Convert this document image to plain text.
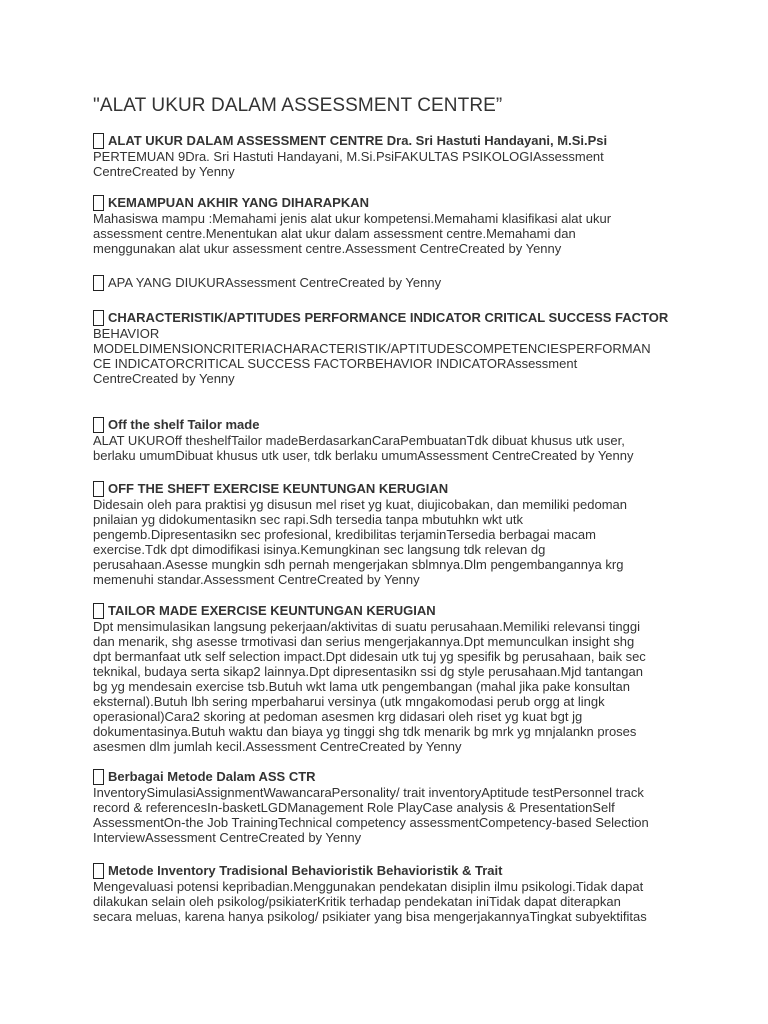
"ALAT UKUR DALAM ASSESSMENT CENTRE”
ALAT UKUR DALAM ASSESSMENT CENTRE Dra. Sri Hastuti Handayani, M.Si.Psi
PERTEMUAN 9Dra. Sri Hastuti Handayani, M.Si.PsiFAKULTAS PSIKOLOGIAssessment
CentreCreated by Yenny
KEMAMPUAN AKHIR YANG DIHARAPKAN
Mahasiswa mampu :Memahami jenis alat ukur kompetensi.Memahami klasifikasi alat ukur
assessment centre.Menentukan alat ukur dalam assessment centre.Memahami dan
menggunakan alat ukur assessment centre.Assessment CentreCreated by Yenny
APA YANG DIUKURAssessment CentreCreated by Yenny
CHARACTERISTIK/APTITUDES PERFORMANCE INDICATOR CRITICAL SUCCESS FACTOR
BEHAVIOR
MODELDIMENSIONCRITERIACHARACTERISTIK/APTITUDESCOMPETENCIESPERFORMAN
CE INDICATORCRITICAL SUCCESS FACTORBEHAVIOR INDICATORAssessment
CentreCreated by Yenny
Off the shelf Tailor made
ALAT UKUROff theshelfTailor madeBerdasarkanCaraPembuatanTdk dibuat khusus utk user,
berlaku umumDibuat khusus utk user, tdk berlaku umumAssessment CentreCreated by Yenny
OFF THE SHEFT EXERCISE KEUNTUNGAN KERUGIAN
Didesain oleh para praktisi yg disusun mel riset yg kuat, diujicobakan, dan memiliki pedoman
pnilaian yg didokumentasikn sec rapi.Sdh tersedia tanpa mbutuhkn wkt utk
pengemb.Dipresentasikn sec profesional, kredibilitas terjaminTersedia berbagai macam
exercise.Tdk dpt dimodifikasi isinya.Kemungkinan sec langsung tdk relevan dg
perusahaan.Asesse mungkin sdh pernah mengerjakan sblmnya.Dlm pengembangannya krg
memenuhi standar.Assessment CentreCreated by Yenny
TAILOR MADE EXERCISE KEUNTUNGAN KERUGIAN
Dpt mensimulasikan langsung pekerjaan/aktivitas di suatu perusahaan.Memiliki relevansi tinggi
dan menarik, shg asesse trmotivasi dan serius mengerjakannya.Dpt memunculkan insight shg
dpt bermanfaat utk self selection impact.Dpt didesain utk tuj yg spesifik bg perusahaan, baik sec
teknikal, budaya serta sikap2 lainnya.Dpt dipresentasikn ssi dg style perusahaan.Mjd tantangan
bg yg mendesain exercise tsb.Butuh wkt lama utk pengembangan (mahal jika pake konsultan
eksternal).Butuh lbh sering mperbaharui versinya (utk mngakomodasi perub orgg at lingk
operasional)Cara2 skoring at pedoman asesmen krg didasari oleh riset yg kuat bgt jg
dokumentasinya.Butuh waktu dan biaya yg tinggi shg tdk menarik bg mrk yg mnjalankn proses
asesmen dlm jumlah kecil.Assessment CentreCreated by Yenny
Berbagai Metode Dalam ASS CTR
InventorySimulasiAssignmentWawancaraPersonality/ trait inventoryAptitude testPersonnel track
record & referencesIn-basketLGDManagement Role PlayCase analysis & PresentationSelf
AssessmentOn-the Job TrainingTechnical competency assessmentCompetency-based Selection
InterviewAssessment CentreCreated by Yenny
Metode Inventory Tradisional Behavioristik Behavioristik & Trait
Mengevaluasi potensi kepribadian.Menggunakan pendekatan disiplin ilmu psikologi.Tidak dapat
dilakukan selain oleh psikolog/psikiaterKritik terhadap pendekatan iniTidak dapat diterapkan
secara meluas, karena hanya psikolog/ psikiater yang bisa mengerjakannyaTingkat subyektifitas
